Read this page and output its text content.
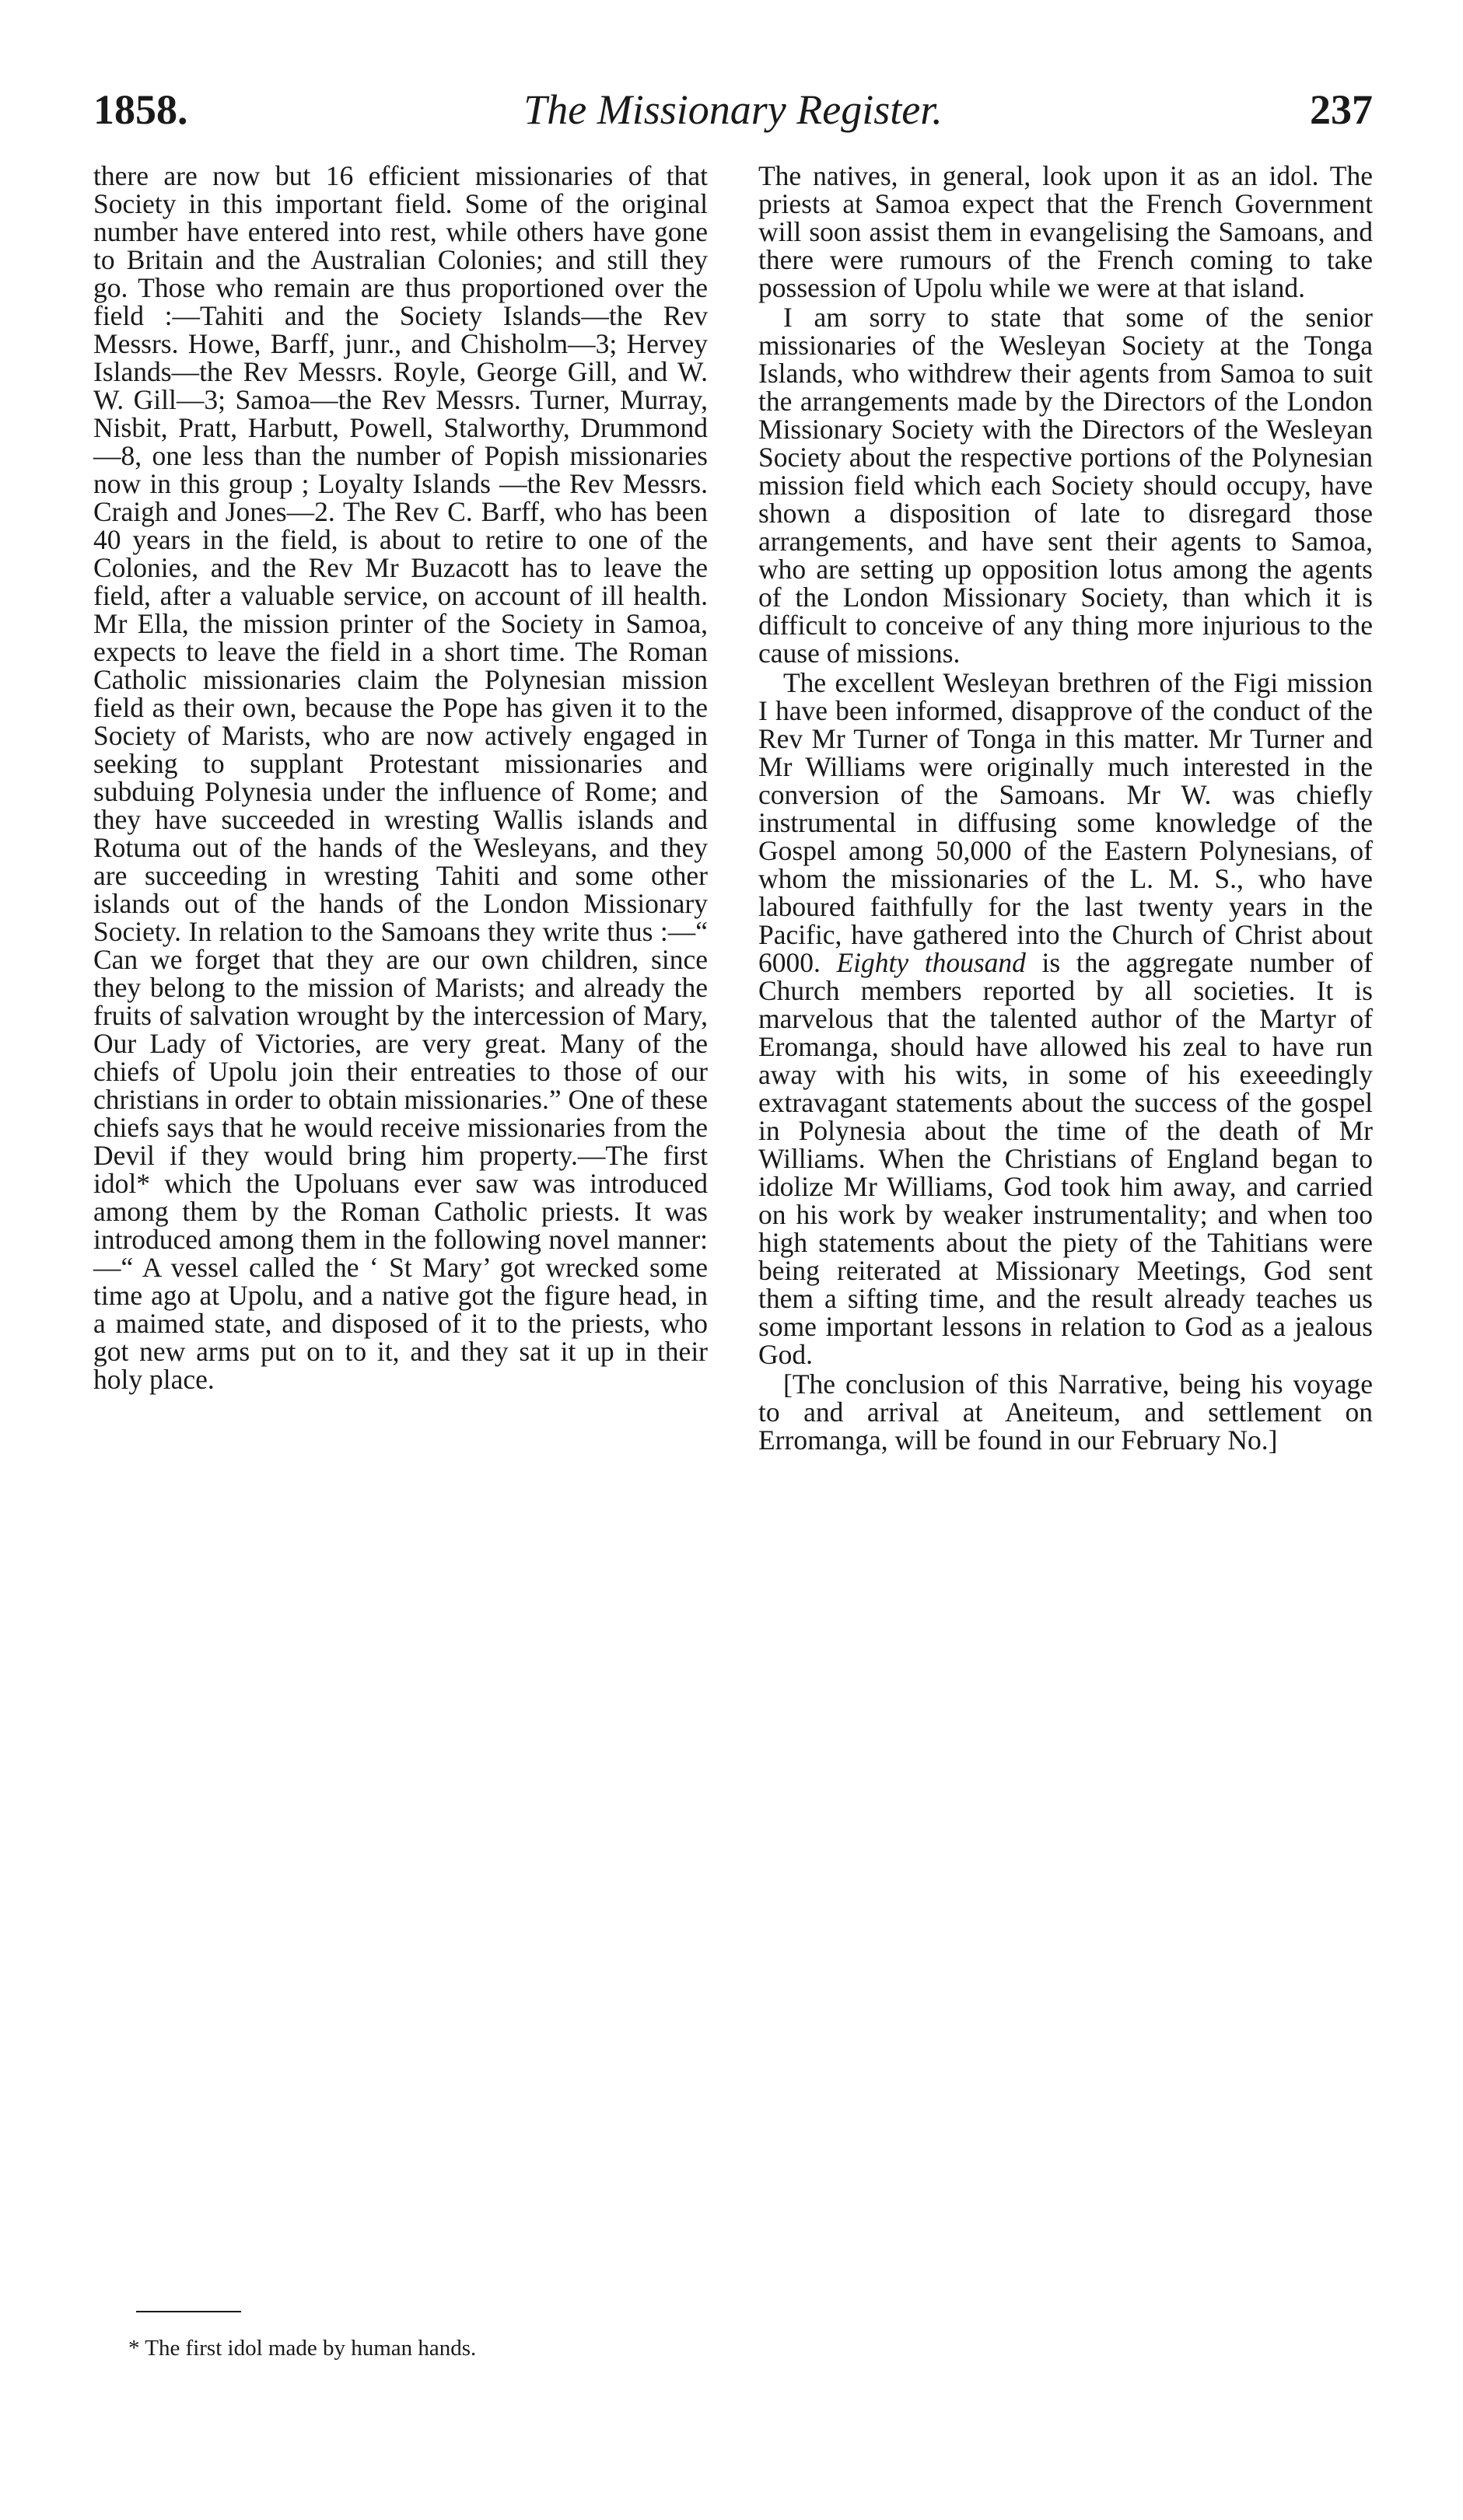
1858.	The Missionary Register.	237

there are now but 16 efficient missionaries of that Society in this important field. Some of the original number have entered into rest, while others have gone to Britain and the Australian Colonies; and still they go. Those who remain are thus proportioned over the field :—Tahiti and the Society Islands—the Rev Messrs. Howe, Barff, junr., and Chisholm—3; Hervey Islands—the Rev Messrs. Royle, George Gill, and W. W. Gill—3; Samoa—the Rev Messrs. Turner, Murray, Nisbit, Pratt, Harbutt, Powell, Stalworthy, Drummond—8, one less than the number of Popish missionaries now in this group ; Loyalty Islands —the Rev Messrs. Craigh and Jones—2. The Rev C. Barff, who has been 40 years in the field, is about to retire to one of the Colonies, and the Rev Mr Buzacott has to leave the field, after a valuable service, on account of ill health. Mr Ella, the mission printer of the Society in Samoa, expects to leave the field in a short time. The Roman Catholic missionaries claim the Polynesian mission field as their own, because the Pope has given it to the Society of Marists, who are now actively engaged in seeking to supplant Protestant missionaries and subduing Polynesia under the influence of Rome; and they have succeeded in wresting Wallis islands and Rotuma out of the hands of the Wesleyans, and they are succeeding in wresting Tahiti and some other islands out of the hands of the London Missionary Society. In relation to the Samoans they write thus :—“ Can we forget that they are our own children, since they belong to the mission of Marists; and already the fruits of salvation wrought by the intercession of Mary, Our Lady of Victories, are very great. Many of the chiefs of Upolu join their entreaties to those of our christians in order to obtain missionaries.” One of these chiefs says that he would receive missionaries from the Devil if they would bring him property.—The first idol* which the Upoluans ever saw was introduced among them by the Roman Catholic priests. It was introduced among them in the following novel manner:—“ A vessel called the ‘ St Mary’ got wrecked some time ago at Upolu, and a native got the figure head, in a maimed state, and disposed of it to the priests, who got new arms put on to it, and they sat it up in their holy place.

The natives, in general, look upon it as an idol. The priests at Samoa expect that the French Government will soon assist them in evangelising the Samoans, and there were rumours of the French coming to take possession of Upolu while we were at that island.

I am sorry to state that some of the senior missionaries of the Wesleyan Society at the Tonga Islands, who withdrew their agents from Samoa to suit the arrangements made by the Directors of the London Missionary Society with the Directors of the Wesleyan Society about the respective portions of the Polynesian mission field which each Society should occupy, have shown a disposition of late to disregard those arrangements, and have sent their agents to Samoa, who are setting up opposition lotus among the agents of the London Missionary Society, than which it is difficult to conceive of any thing more injurious to the cause of missions.

The excellent Wesleyan brethren of the Figi mission I have been informed, disapprove of the conduct of the Rev Mr Turner of Tonga in this matter. Mr Turner and Mr Williams were originally much interested in the conversion of the Samoans. Mr W. was chiefly instrumental in diffusing some knowledge of the Gospel among 50,000 of the Eastern Polynesians, of whom the missionaries of the L. M. S., who have laboured faithfully for the last twenty years in the Pacific, have gathered into the Church of Christ about 6000. Eighty thousand is the aggregate number of Church members reported by all societies. It is marvelous that the talented author of the Martyr of Eromanga, should have allowed his zeal to have run away with his wits, in some of his exeeedingly extravagant statements about the success of the gospel in Polynesia about the time of the death of Mr Williams. When the Christians of England began to idolize Mr Williams, God took him away, and carried on his work by weaker instrumentality; and when too high statements about the piety of the Tahitians were being reiterated at Missionary Meetings, God sent them a sifting time, and the result already teaches us some important lessons in relation to God as a jealous God.

[The conclusion of this Narrative, being his voyage to and arrival at Aneiteum, and settlement on Erromanga, will be found in our February No.]

* The first idol made by human hands.
